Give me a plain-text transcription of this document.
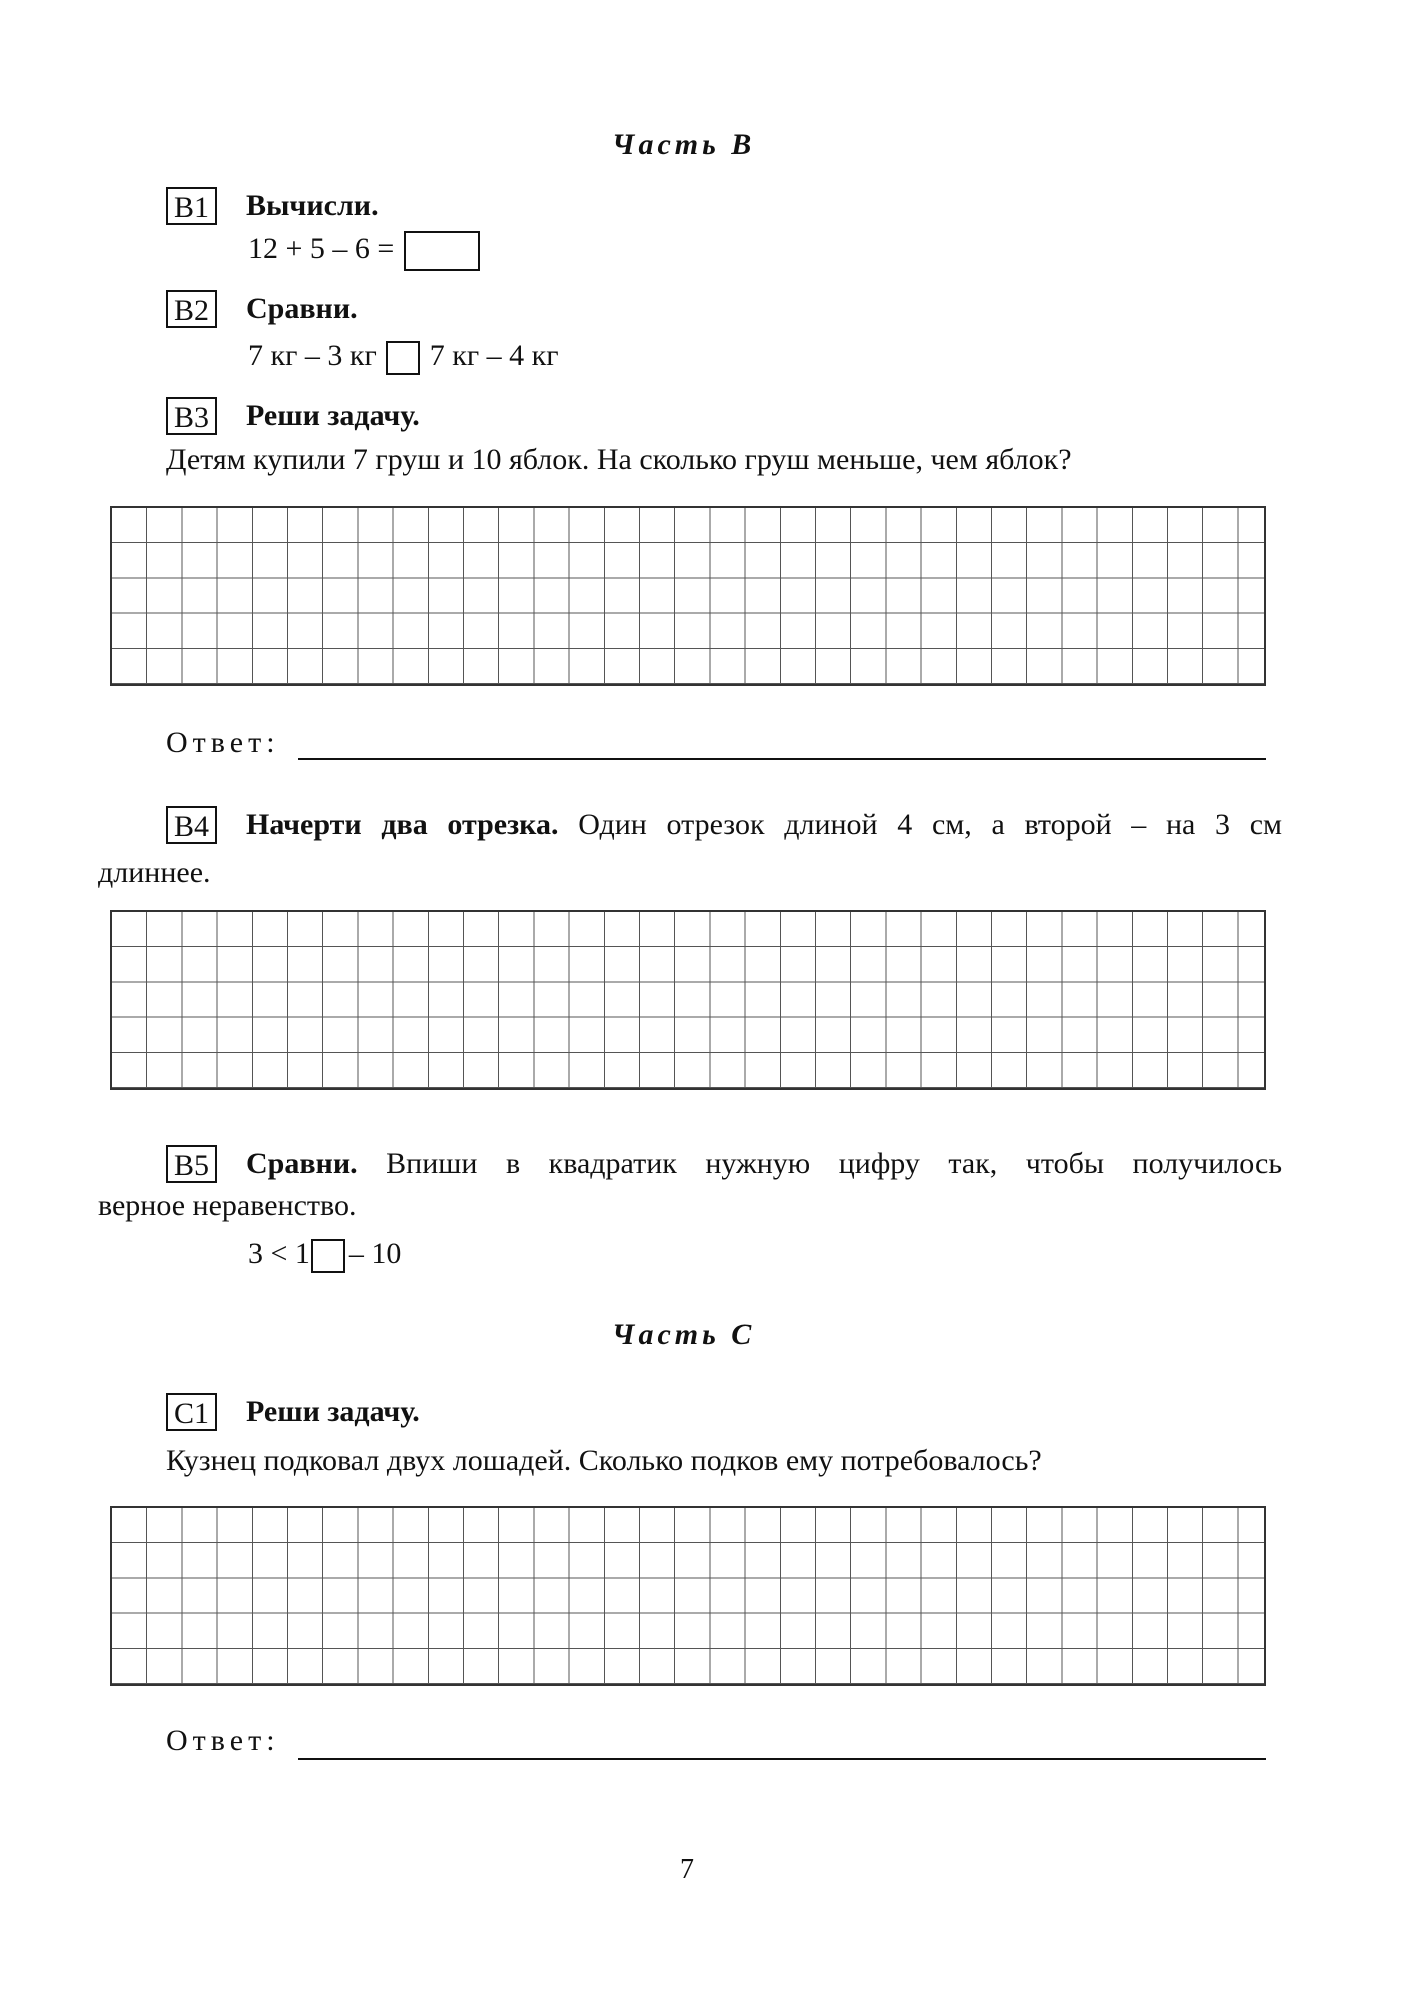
Часть В
В1 Вычисли.
12 + 5 – 6 =
В2 Сравни.
7 кг – 3 кг 7 кг – 4 кг
В3 Реши задачу.
Детям купили 7 груш и 10 яблок. На сколько груш меньше, чем яблок?
Ответ:
В4 Начерти два отрезка. Один отрезок длиной 4 см, а второй – на 3 см
длиннее.
В5 Сравни. Впиши в квадратик нужную цифру так, чтобы получилось
верное неравенство.
3 < 1 – 10
Часть С
С1 Реши задачу.
Кузнец подковал двух лошадей. Сколько подков ему потребовалось?
Ответ:
7
